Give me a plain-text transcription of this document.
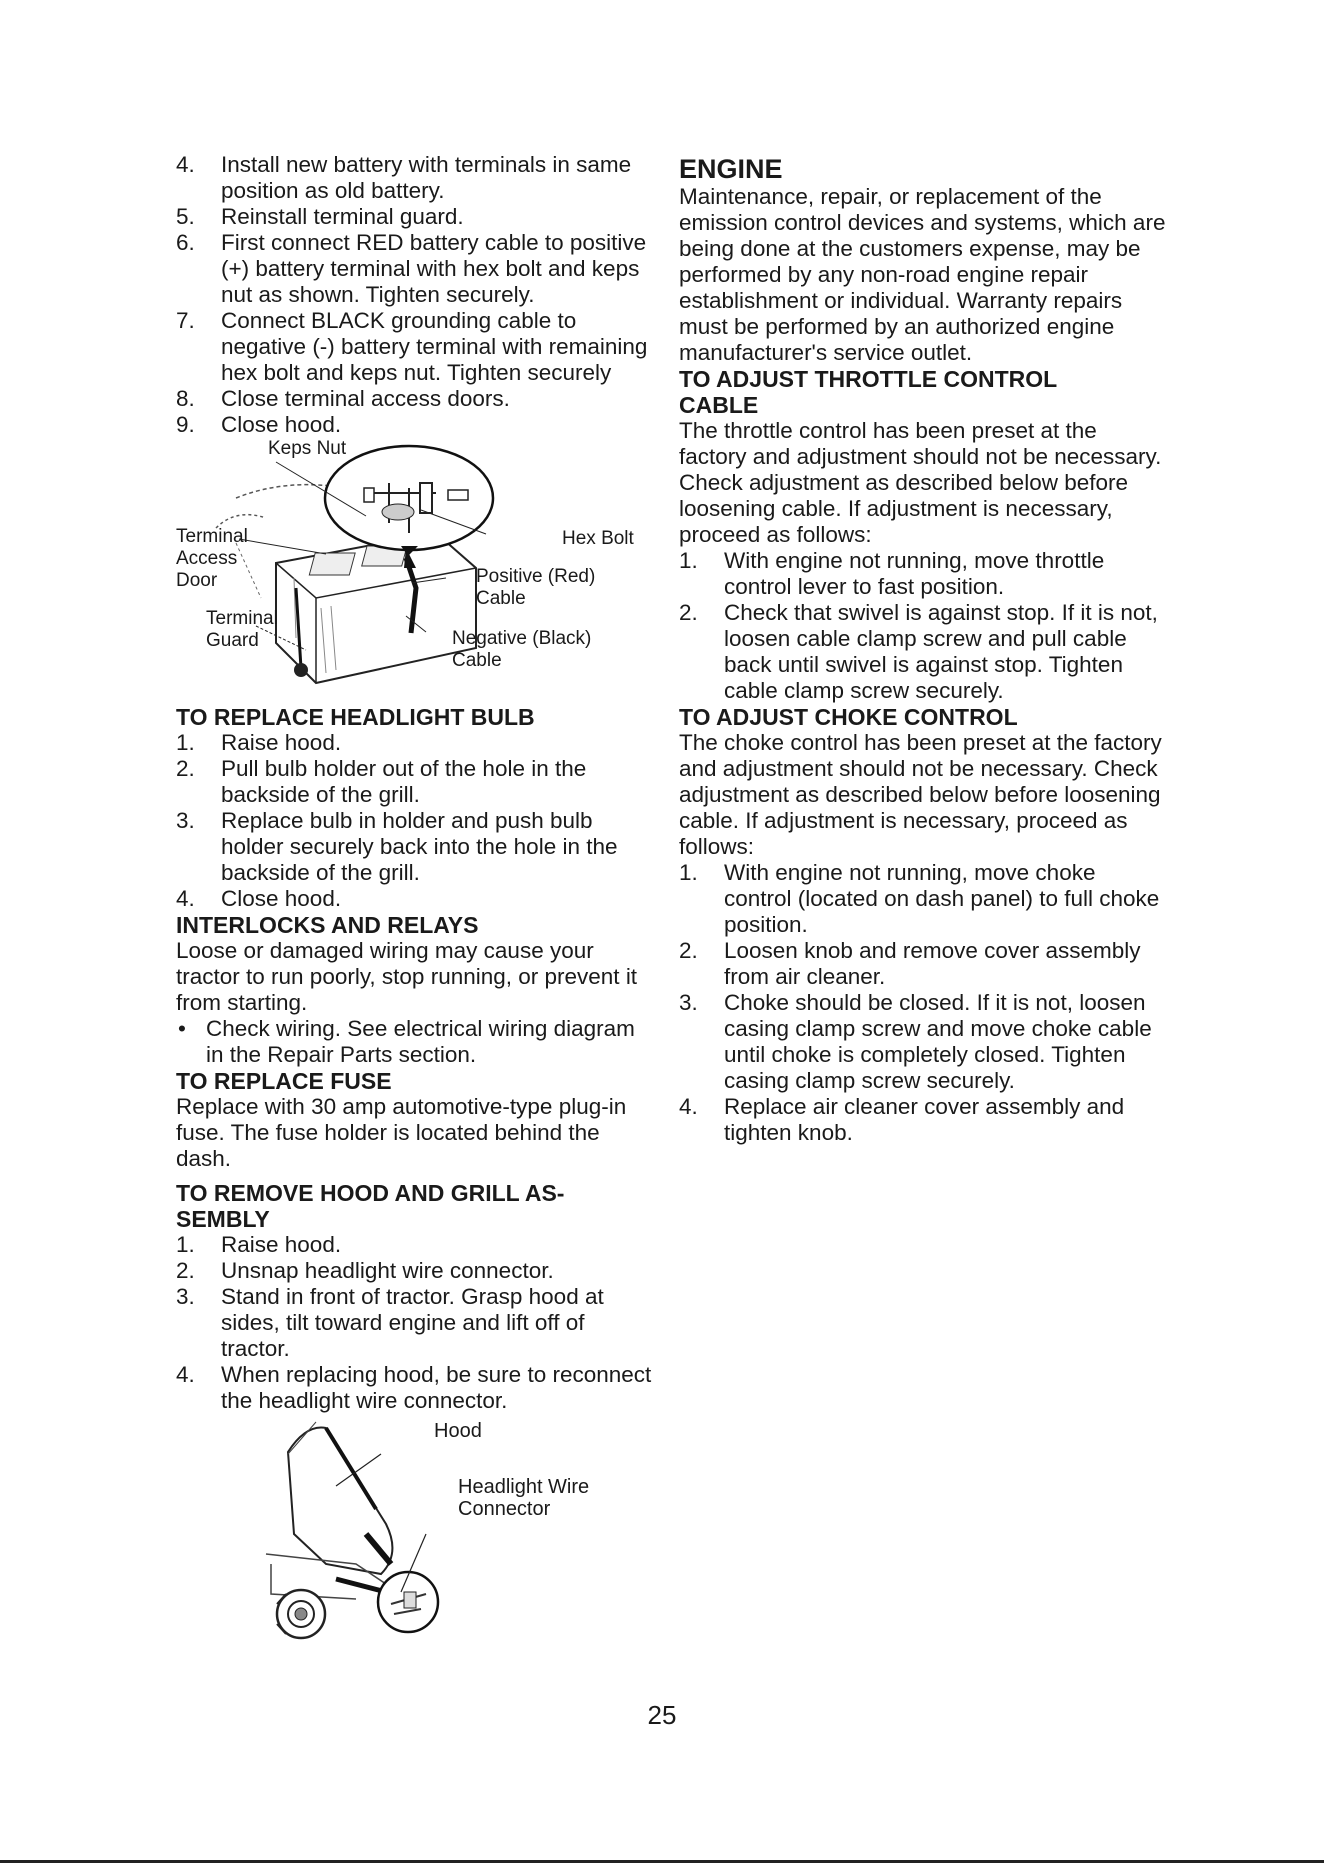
4. Install new battery with terminals in same position as old battery.
5. Reinstall terminal guard.
6. First connect RED battery cable to positive (+) battery terminal with hex bolt and keps nut as shown. Tighten securely.
7. Connect BLACK grounding cable to negative (-) battery terminal with remaining hex bolt and keps nut. Tighten securely
8. Close terminal access doors.
9. Close hood.
Keps Nut
Terminal
Access
Door
Hex Bolt
Positive (Red)
Cable
Terminal
Guard	Negative (Black)
Cable
TO REPLACE HEADLIGHT BULB
1. Raise hood.
2. Pull bulb holder out of the hole in the backside of the grill.
3. Replace bulb in holder and push bulb holder securely back into the hole in the backside of the grill.
4. Close hood.
INTERLOCKS AND RELAYS

Loose or damaged wiring may cause your tractor to run poorly, stop running, or prevent it from starting.

• Check wiring. See electrical wiring diagram in the Repair Parts section.
TO REPLACE FUSE

Replace with 30 amp automotive-type plug-in fuse. The fuse holder is located behind the dash.

TO REMOVE HOOD AND GRILL AS-
SEMBLY
1. Raise hood.
2. Unsnap headlight wire connector.
3. Stand in front of tractor. Grasp hood at sides, tilt toward engine and lift off of tractor.
4. When replacing hood, be sure to reconnect the headlight wire connector.
Hood
Headlight Wire
Connector
ENGINE

Maintenance, repair, or replacement of the emission control devices and systems, which are being done at the customers expense, may be performed by any non-road engine repair establishment or individual. Warranty repairs must be performed by an authorized engine manufacturer's service outlet.

TO ADJUST THROTTLE CONTROL
CABLE

The throttle control has been preset at the factory and adjustment should not be necessary. Check adjustment as described below before loosening cable. If adjustment is necessary, proceed as follows:

1. With engine not running, move throttle control lever to fast position.
2. Check that swivel is against stop. If it is not, loosen cable clamp screw and pull cable back until swivel is against stop. Tighten cable clamp screw securely.
TO ADJUST CHOKE CONTROL

The choke control has been preset at the factory and adjustment should not be necessary. Check adjustment as described below before loosening cable. If adjustment is necessary, proceed as follows:

1. With engine not running, move choke control (located on dash panel) to full choke position.
2. Loosen knob and remove cover assembly from air cleaner.
3. Choke should be closed. If it is not, loosen casing clamp screw and move choke cable until choke is completely closed. Tighten casing clamp screw securely.
4. Replace air cleaner cover assembly and tighten knob.
25
